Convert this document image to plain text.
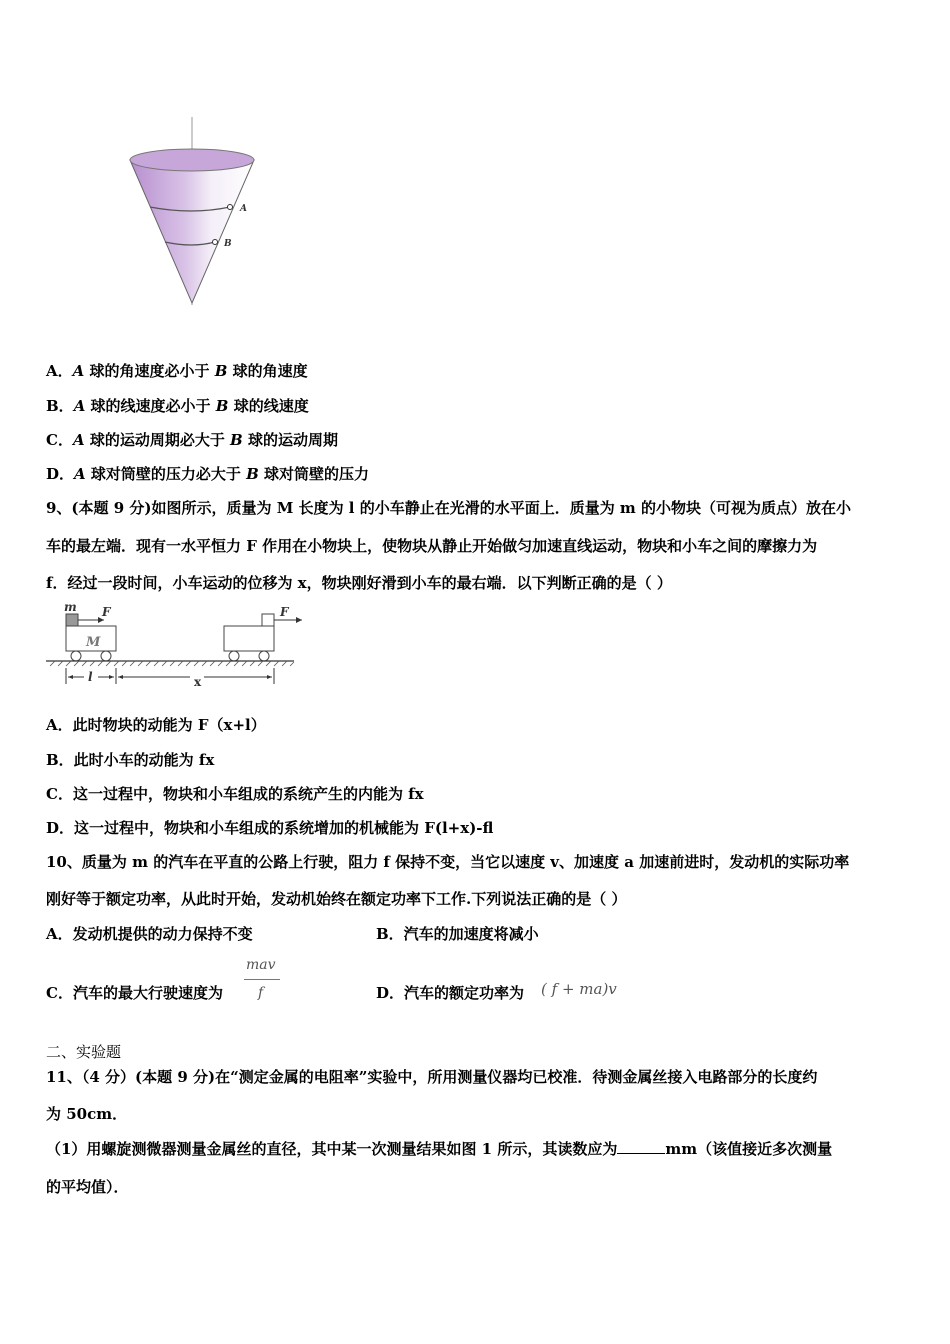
A
B
A．A 球的角速度必小于 B 球的角速度
B．A 球的线速度必小于 B 球的线速度
C．A 球的运动周期必大于 B 球的运动周期
D．A 球对筒壁的压力必大于 B 球对筒壁的压力
9、(本题 9 分)如图所示，质量为 M 长度为 l 的小车静止在光滑的水平面上．质量为 m 的小物块（可视为质点）放在小
车的最左端．现有一水平恒力 F 作用在小物块上，使物块从静止开始做匀加速直线运动，物块和小车之间的摩擦力为
f．经过一段时间，小车运动的位移为 x，物块刚好滑到小车的最右端．以下判断正确的是（ ）
m F
M
F
l	x
A．此时物块的动能为 F（x+l）
B．此时小车的动能为 fx
C．这一过程中，物块和小车组成的系统产生的内能为 fx
D．这一过程中，物块和小车组成的系统增加的机械能为 F(l+x)-fl
10、质量为 m 的汽车在平直的公路上行驶，阻力 f 保持不变，当它以速度 v、加速度 a 加速前进时，发动机的实际功率
刚好等于额定功率，从此时开始，发动机始终在额定功率下工作.下列说法正确的是（ ）
A．发动机提供的动力保持不变	B．汽车的加速度将减小
C．汽车的最大行驶速度为
mav
f	D．汽车的额定功率为 ( f + ma)v
二、实验题
11、（4 分）(本题 9 分)在“测定金属的电阻率”实验中，所用测量仪器均已校准．待测金属丝接入电路部分的长度约
为 50cm．
（1）用螺旋测微器测量金属丝的直径，其中某一次测量结果如图 1 所示，其读数应为	mm（该值接近多次测量
的平均值）．
